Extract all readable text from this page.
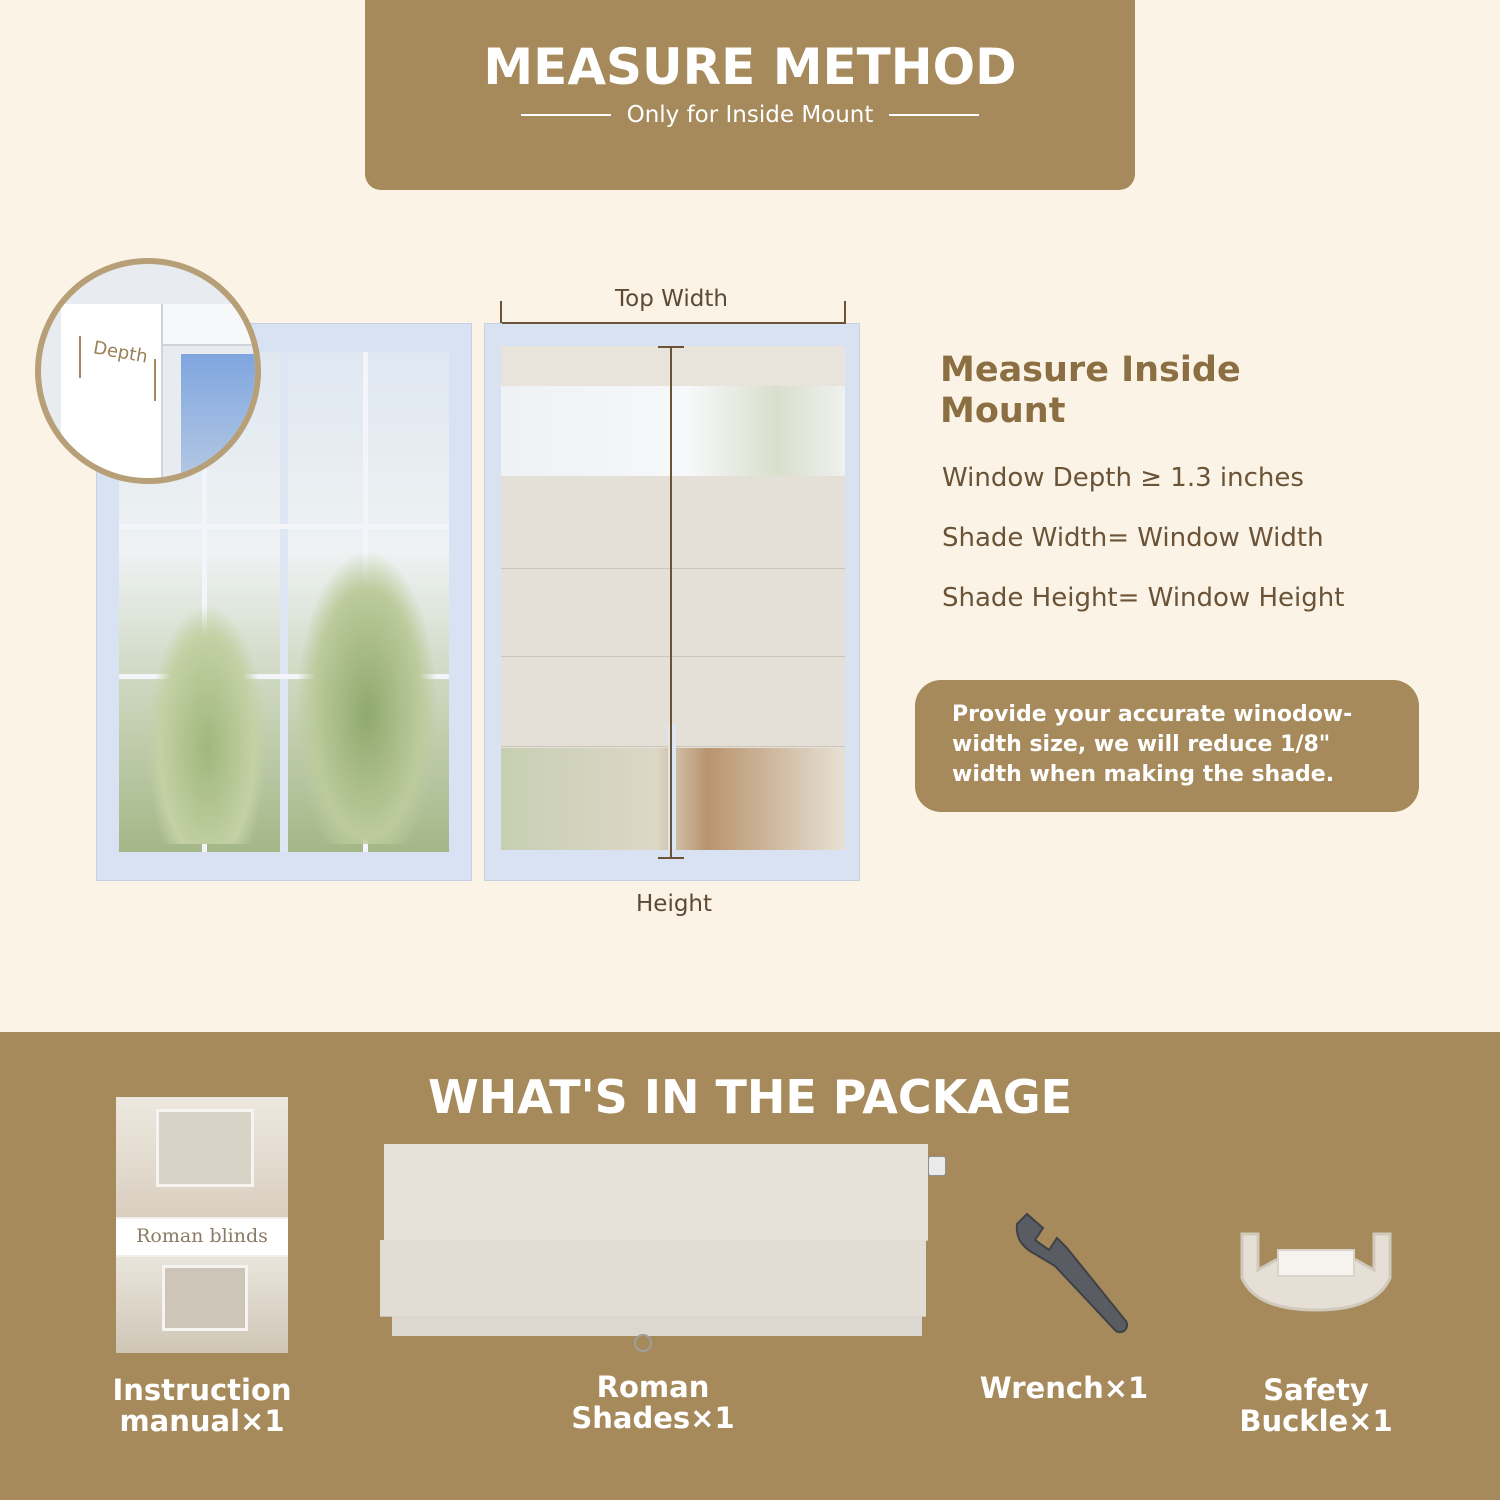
MEASURE METHOD
Only for Inside Mount
Depth
Top Width
Height
Measure Inside Mount
Window Depth ≥ 1.3 inches
Shade Width= Window Width
Shade Height= Window Height
Provide your accurate winodow-width size, we will reduce 1/8" width when making the shade.
WHAT'S IN THE PACKAGE
Roman blinds
Instruction
manual×1
Roman
Shades×1
Wrench×1	Safety
Buckle×1
